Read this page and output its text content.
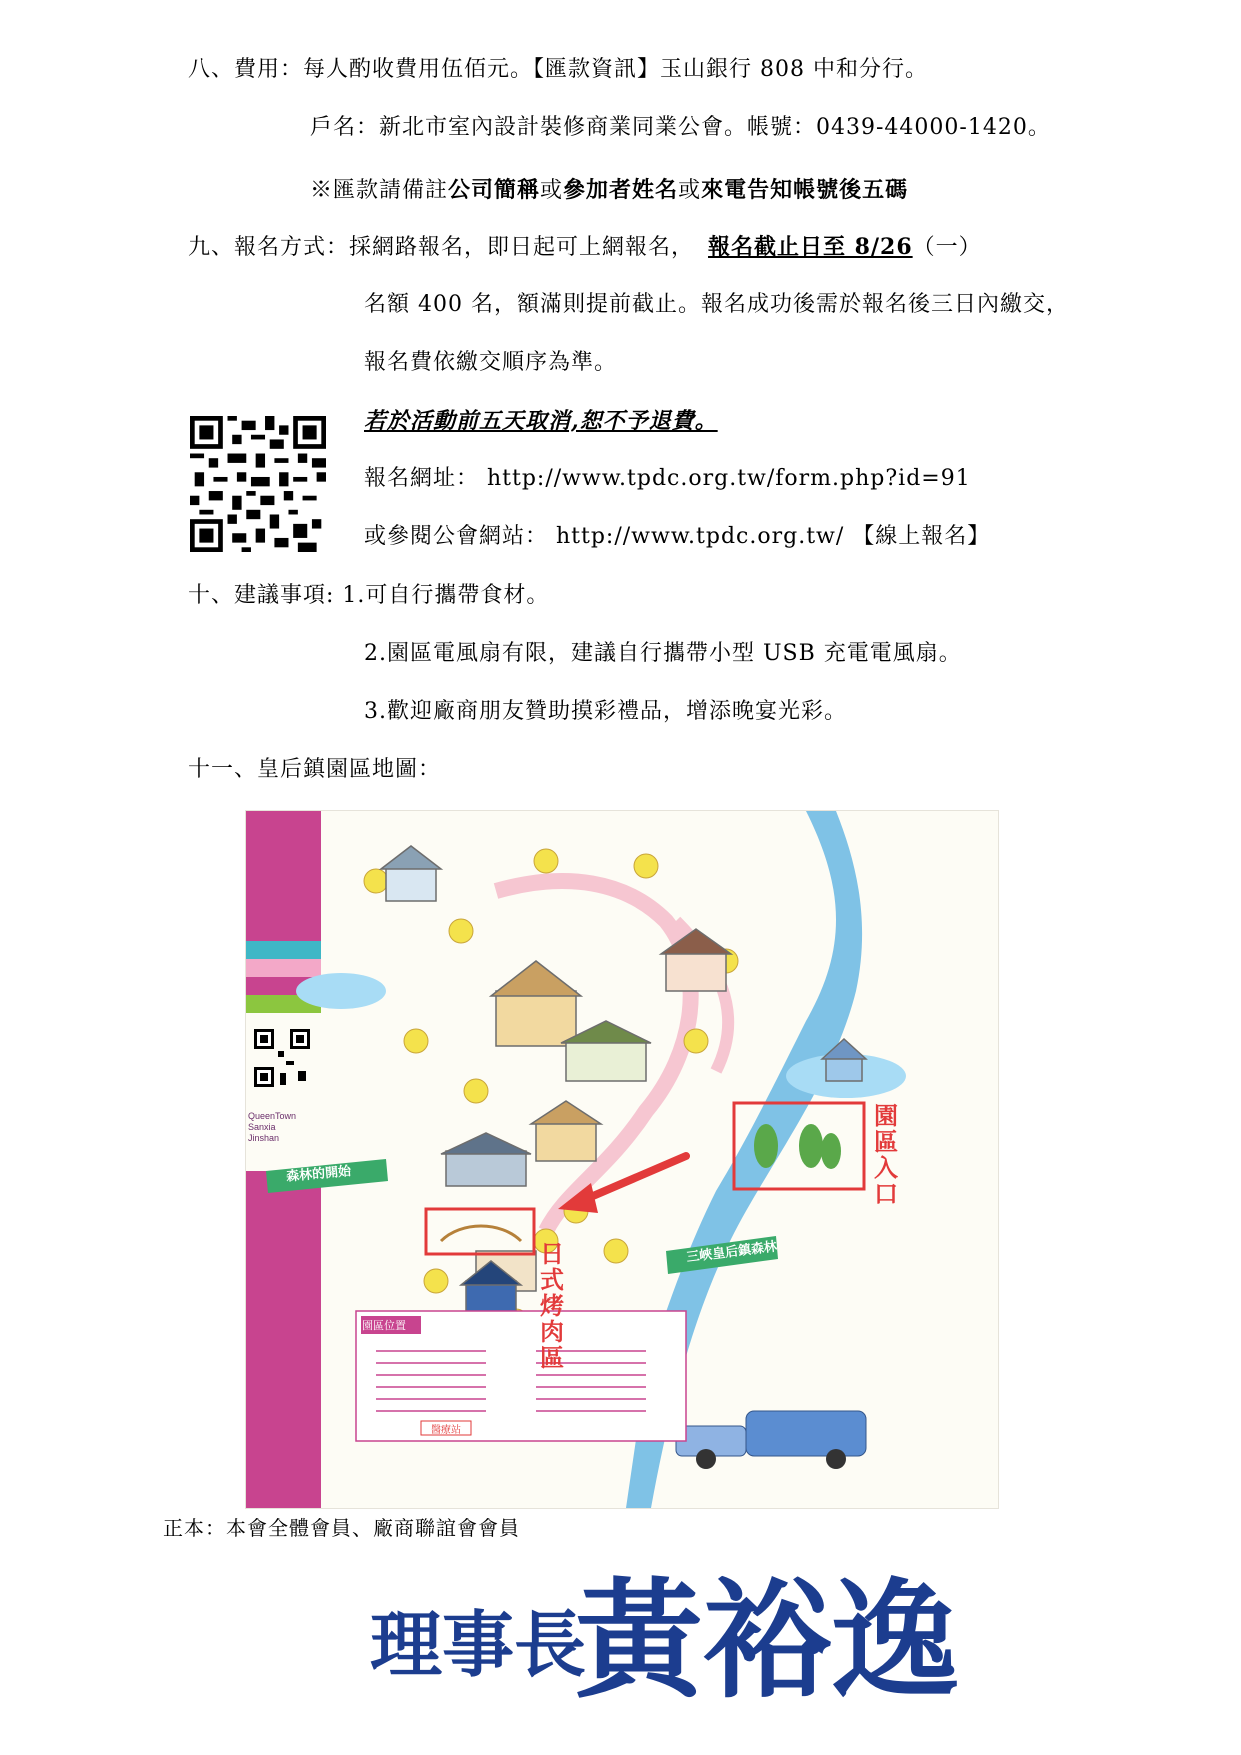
八、費用：每人酌收費用伍佰元。【匯款資訊】玉山銀行 808 中和分行。
戶名：新北市室內設計裝修商業同業公會。帳號：0439-44000-1420。
※匯款請備註公司簡稱或參加者姓名或來電告知帳號後五碼
九、報名方式：採網路報名，即日起可上網報名， 報名截止日至 8/26（一）
名額 400 名，額滿則提前截止。報名成功後需於報名後三日內繳交，
報名費依繳交順序為準。
若於活動前五天取消,恕不予退費。
報名網址： http://www.tpdc.org.tw/form.php?id=91
或參閱公會網站： http://www.tpdc.org.tw/ 【線上報名】
十、建議事項: 1.可自行攜帶食材。
2.園區電風扇有限，建議自行攜帶小型 USB 充電電風扇。
3.歡迎廠商朋友贊助摸彩禮品，增添晚宴光彩。
十一、皇后鎮園區地圖：
QueenTown
Sanxia
Jinshan
森林的開始
三峽皇后鎮森林
園區入口
日式烤肉區
園區位置
醫療站
正本：本會全體會員、廠商聯誼會會員
理事長
黃裕逸
